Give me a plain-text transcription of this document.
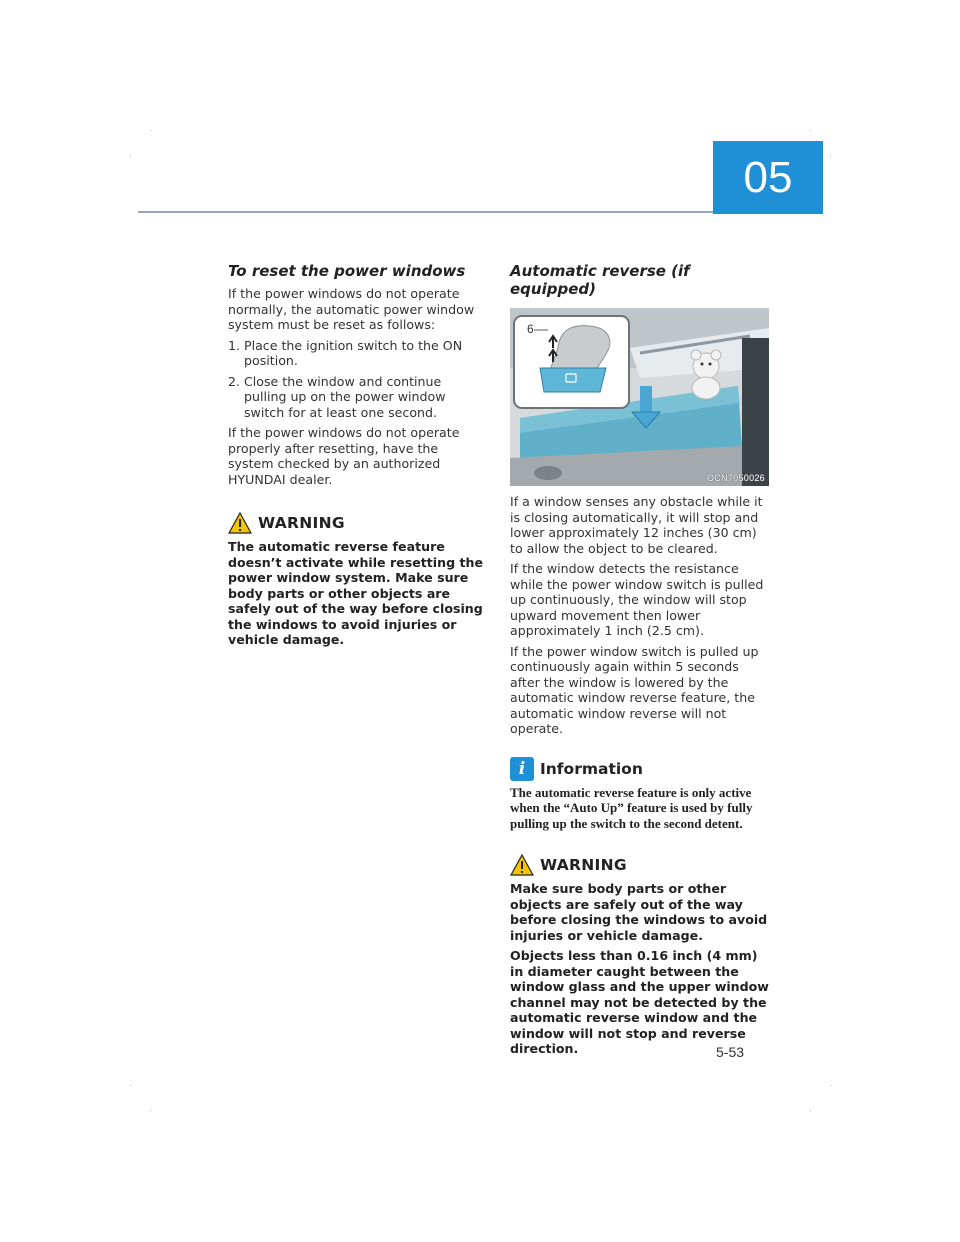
05
To reset the power windows

If the power windows do not operate normally, the automatic power window system must be reset as follows:

1. Place the ignition switch to the ON position.
2. Close the window and continue pulling up on the power window switch for at least one second.

If the power windows do not operate properly after resetting, have the system checked by an authorized HYUNDAI dealer.

WARNING

The automatic reverse feature doesn’t activate while resetting the power window system. Make sure body parts or other objects are safely out of the way before closing the windows to avoid injuries or vehicle damage.

Automatic reverse (if equipped)
6
OCN7050026

If a window senses any obstacle while it is closing automatically, it will stop and lower approximately 12 inches (30 cm) to allow the object to be cleared.

If the window detects the resistance while the power window switch is pulled up continuously, the window will stop upward movement then lower approximately 1 inch (2.5 cm).

If the power window switch is pulled up continuously again within 5 seconds after the window is lowered by the automatic window reverse feature, the automatic window reverse will not operate.

i Information

The automatic reverse feature is only active when the “Auto Up” feature is used by fully pulling up the switch to the second detent.

WARNING

Make sure body parts or other objects are safely out of the way before closing the windows to avoid injuries or vehicle damage.

Objects less than 0.16 inch (4 mm) in diameter caught between the window glass and the upper window channel may not be detected by the automatic reverse window and the window will not stop and reverse direction.	5-53
